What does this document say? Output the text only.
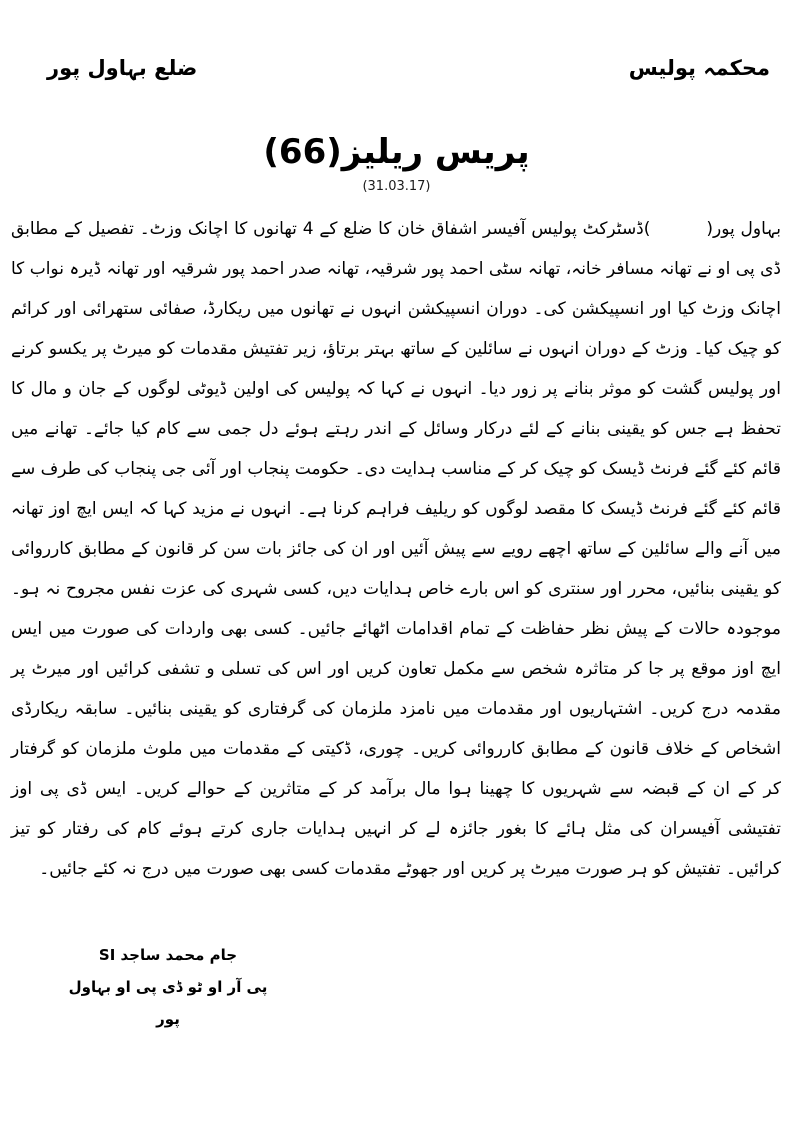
محکمہ پولیس
ضلع بہاول پور
پریس ریلیز(66)
(31.03.17)

بہاول پور()ڈسٹرکٹ پولیس آفیسر اشفاق خان کا ضلع کے 4 تھانوں کا اچانک وزٹ۔ تفصیل کے مطابق ڈی پی او نے تھانہ مسافر خانہ، تھانہ سٹی احمد پور شرقیہ، تھانہ صدر احمد پور شرقیہ اور تھانہ ڈیرہ نواب کا اچانک وزٹ کیا اور انسپیکشن کی۔ دوران انسپیکشن انہوں نے تھانوں میں ریکارڈ، صفائی ستھرائی اور کرائم کو چیک کیا۔ وزٹ کے دوران انہوں نے سائلین کے ساتھ بہتر برتاؤ، زیر تفتیش مقدمات کو میرٹ پر یکسو کرنے اور پولیس گشت کو موثر بنانے پر زور دیا۔ انہوں نے کہا کہ پولیس کی اولین ڈیوٹی لوگوں کے جان و مال کا تحفظ ہے جس کو یقینی بنانے کے لئے درکار وسائل کے اندر رہتے ہوئے دل جمی سے کام کیا جائے۔ تھانے میں قائم کئے گئے فرنٹ ڈیسک کو چیک کر کے مناسب ہدایت دی۔ حکومت پنجاب اور آئی جی پنجاب کی طرف سے قائم کئے گئے فرنٹ ڈیسک کا مقصد لوگوں کو ریلیف فراہم کرنا ہے۔ انہوں نے مزید کہا کہ ایس ایچ اوز تھانہ میں آنے والے سائلین کے ساتھ اچھے رویے سے پیش آئیں اور ان کی جائز بات سن کر قانون کے مطابق کارروائی کو یقینی بنائیں، محرر اور سنتری کو اس بارے خاص ہدایات دیں، کسی شہری کی عزت نفس مجروح نہ ہو۔ موجودہ حالات کے پیش نظر حفاظت کے تمام اقدامات اٹھائے جائیں۔ کسی بھی واردات کی صورت میں ایس ایچ اوز موقع پر جا کر متاثرہ شخص سے مکمل تعاون کریں اور اس کی تسلی و تشفی کرائیں اور میرٹ پر مقدمہ درج کریں۔ اشتہاریوں اور مقدمات میں نامزد ملزمان کی گرفتاری کو یقینی بنائیں۔ سابقہ ریکارڈی اشخاص کے خلاف قانون کے مطابق کارروائی کریں۔ چوری، ڈکیتی کے مقدمات میں ملوث ملزمان کو گرفتار کر کے ان کے قبضہ سے شہریوں کا چھینا ہوا مال برآمد کر کے متاثرین کے حوالے کریں۔ ایس ڈی پی اوز تفتیشی آفیسران کی مثل ہائے کا بغور جائزہ لے کر انہیں ہدایات جاری کرتے ہوئے کام کی رفتار کو تیز کرائیں۔ تفتیش کو ہر صورت میرٹ پر کریں اور جھوٹے مقدمات کسی بھی صورت میں درج نہ کئے جائیں۔

جام محمد ساجد SI
پی آر او ٹو ڈی پی او بہاول پور
